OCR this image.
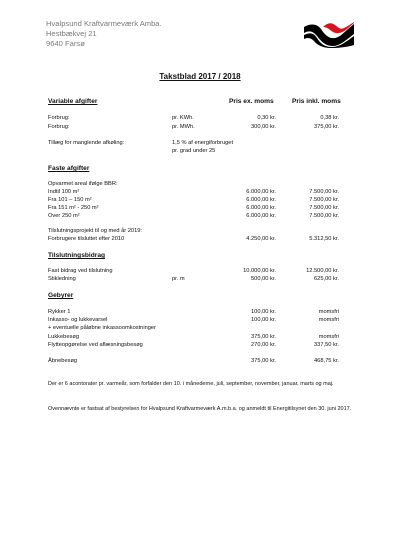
Hvalpsund Kraftvarmeværk Amba.
Hestbækvej 21
9640 Farsø
Takstblad 2017 / 2018
Variable afgifter	Pris ex. moms	Pris inkl. moms
Forbrug:	pr. KWh.	0,30 kr.	0,38 kr.
Forbrug:	pr. MWh.	300,00 kr.	375,00 kr.
Tillæg for manglende afkøling:	1,5 % af energiforbruget
pr. grad under 25
Faste afgifter
Opvarmet areal ifølge BBR:
Indtil 100 m²	6.000,00 kr.	7.500,00 kr.
Fra 101 – 150 m²	6.000,00 kr.	7.500,00 kr.
Fra 151 m² - 250 m²	6.000,00 kr.	7.500,00 kr.
Over 250 m²	6.000,00 kr.	7.500,00 kr.
Tilslutningsprojekt til og med år 2019:
Forbrugere tilsluttet efter 2010	4.250,00 kr.	5.312,50 kr.
Tilslutningsbidrag
Fast bidrag ved tilslutning	10.000,00 kr.	12.500,00 kr.
Stikledning	pr. m	500,00 kr.	625,00 kr.
Gebyrer
Rykker 1	100,00 kr.	momsfri
Inkasso- og lukkevarsel	100,00 kr.	momsfri
+ eventuelle påløbne inkassoomkostninger
Lukkebesøg	375,00 kr.	momsfri
Flytteopgørelse ved aflæsningsbesøg	270,00 kr.	337,50 kr.
Åbnebesøg	375,00 kr.	468,75 kr.
Der er 6 acontorater pr. varmeår, som forfalder den 10. i månederne, juli, september, november, januar, marts og maj.
Ovennævnte er fastsat af bestyrelsen for Hvalpsund Kraftvarmeværk A.m.b.a. og anmeldt til Energitilsynet den 30. juni 2017.
